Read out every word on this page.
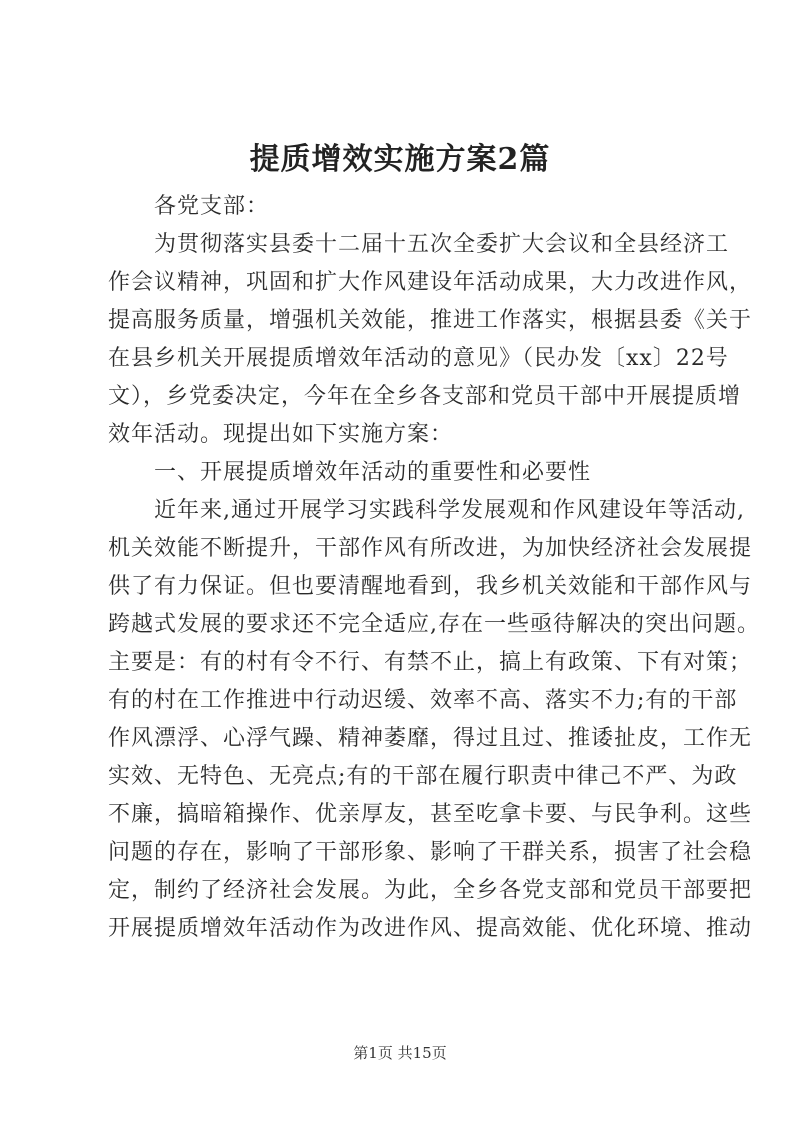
提质增效实施方案2篇
　　各党支部：
　　为贯彻落实县委十二届十五次全委扩大会议和全县经济工
作会议精神，巩固和扩大作风建设年活动成果，大力改进作风，
提高服务质量，增强机关效能，推进工作落实，根据县委《关于
在县乡机关开展提质增效年活动的意见》（民办发〔xx〕22号
文），乡党委决定，今年在全乡各支部和党员干部中开展提质增
效年活动。现提出如下实施方案：
　　一、开展提质增效年活动的重要性和必要性
　　近年来,通过开展学习实践科学发展观和作风建设年等活动,
机关效能不断提升，干部作风有所改进，为加快经济社会发展提
供了有力保证。但也要清醒地看到，我乡机关效能和干部作风与
跨越式发展的要求还不完全适应,存在一些亟待解决的突出问题。
主要是：有的村有令不行、有禁不止，搞上有政策、下有对策；
有的村在工作推进中行动迟缓、效率不高、落实不力;有的干部
作风漂浮、心浮气躁、精神萎靡，得过且过、推诿扯皮，工作无
实效、无特色、无亮点;有的干部在履行职责中律己不严、为政
不廉，搞暗箱操作、优亲厚友，甚至吃拿卡要、与民争利。这些
问题的存在，影响了干部形象、影响了干群关系，损害了社会稳
定，制约了经济社会发展。为此，全乡各党支部和党员干部要把
开展提质增效年活动作为改进作风、提高效能、优化环境、推动
第1页 共15页
